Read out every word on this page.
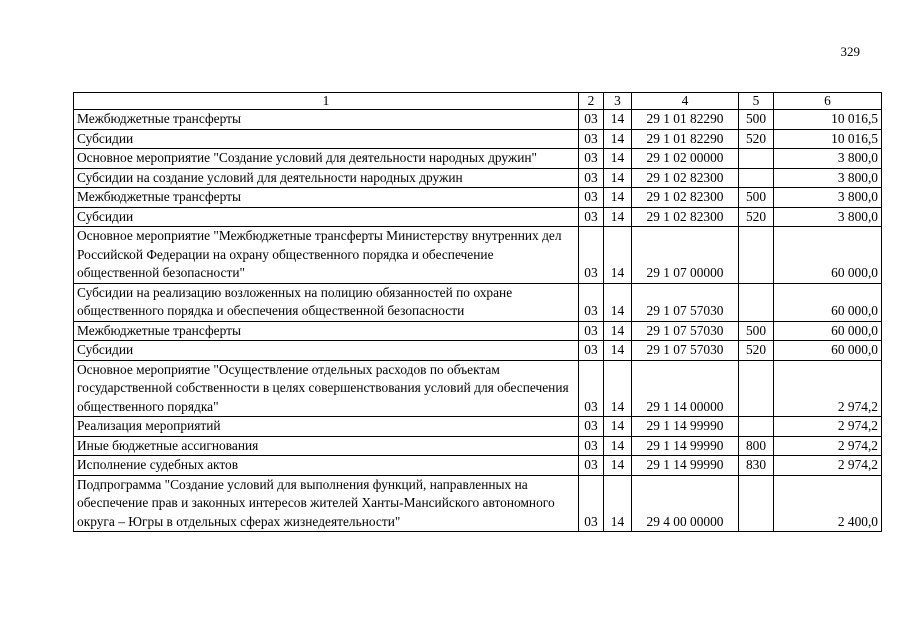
329
1	2	3	4	5	6
Межбюджетные трансферты	03	14	29 1 01 82290	500	10 016,5
Субсидии	03	14	29 1 01 82290	520	10 016,5
Основное мероприятие "Создание условий для деятельности народных дружин"	03	14	29 1 02 00000		3 800,0
Субсидии на создание условий для деятельности народных дружин	03	14	29 1 02 82300		3 800,0
Межбюджетные трансферты	03	14	29 1 02 82300	500	3 800,0
Субсидии	03	14	29 1 02 82300	520	3 800,0
Основное мероприятие "Межбюджетные трансферты Министерству внутренних дел Российской Федерации на охрану общественного порядка и обеспечение общественной безопасности"	03	14	29 1 07 00000		60 000,0
Субсидии на реализацию возложенных на полицию обязанностей по охране общественного порядка и обеспечения общественной безопасности	03	14	29 1 07 57030		60 000,0
Межбюджетные трансферты	03	14	29 1 07 57030	500	60 000,0
Субсидии	03	14	29 1 07 57030	520	60 000,0
Основное мероприятие "Осуществление отдельных расходов по объектам государственной собственности в целях совершенствования условий для обеспечения общественного порядка"	03	14	29 1 14 00000		2 974,2
Реализация мероприятий	03	14	29 1 14 99990		2 974,2
Иные бюджетные ассигнования	03	14	29 1 14 99990	800	2 974,2
Исполнение судебных актов	03	14	29 1 14 99990	830	2 974,2
Подпрограмма "Создание условий для выполнения функций, направленных на обеспечение прав и законных интересов жителей Ханты-Мансийского автономного округа – Югры в отдельных сферах жизнедеятельности"	03	14	29 4 00 00000		2 400,0
